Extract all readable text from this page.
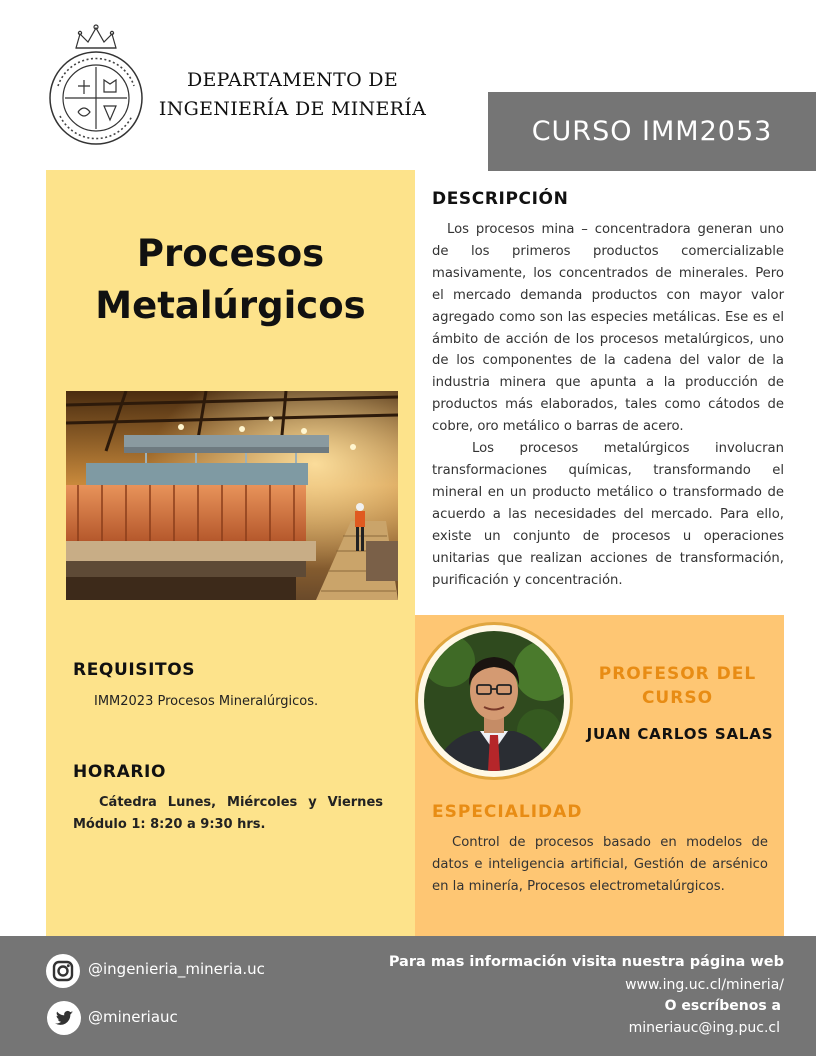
DEPARTAMENTO DE
INGENIERÍA DE MINERÍA
CURSO IMM2053
Procesos
Metalúrgicos
REQUISITOS
IMM2023 Procesos Mineralúrgicos.
HORARIO
Cátedra Lunes, Miércoles y Viernes Módulo 1: 8:20 a 9:30 hrs.
DESCRIPCIÓN

Los procesos mina – concentradora generan uno de los primeros productos comercializable masivamente, los concentrados de minerales. Pero el mercado demanda productos con mayor valor agregado como son las especies metálicas. Ese es el ámbito de acción de los procesos metalúrgicos, uno de los componentes de la cadena del valor de la industria minera que apunta a la producción de productos más elaborados, tales como cátodos de cobre, oro metálico o barras de acero.

Los procesos metalúrgicos involucran transformaciones químicas, transformando el mineral en un producto metálico o transformado de acuerdo a las necesidades del mercado. Para ello, existe un conjunto de procesos u operaciones unitarias que realizan acciones de transformación, purificación y concentración.

PROFESOR DEL CURSO
JUAN CARLOS SALAS
ESPECIALIDAD
Control de procesos basado en modelos de datos e inteligencia artificial, Gestión de arsénico en la minería, Procesos electrometalúrgicos.
@ingenieria_mineria.uc
@mineriauc
Para mas información visita nuestra página web
www.ing.uc.cl/mineria/
O escríbenos a
mineriauc@ing.puc.cl
